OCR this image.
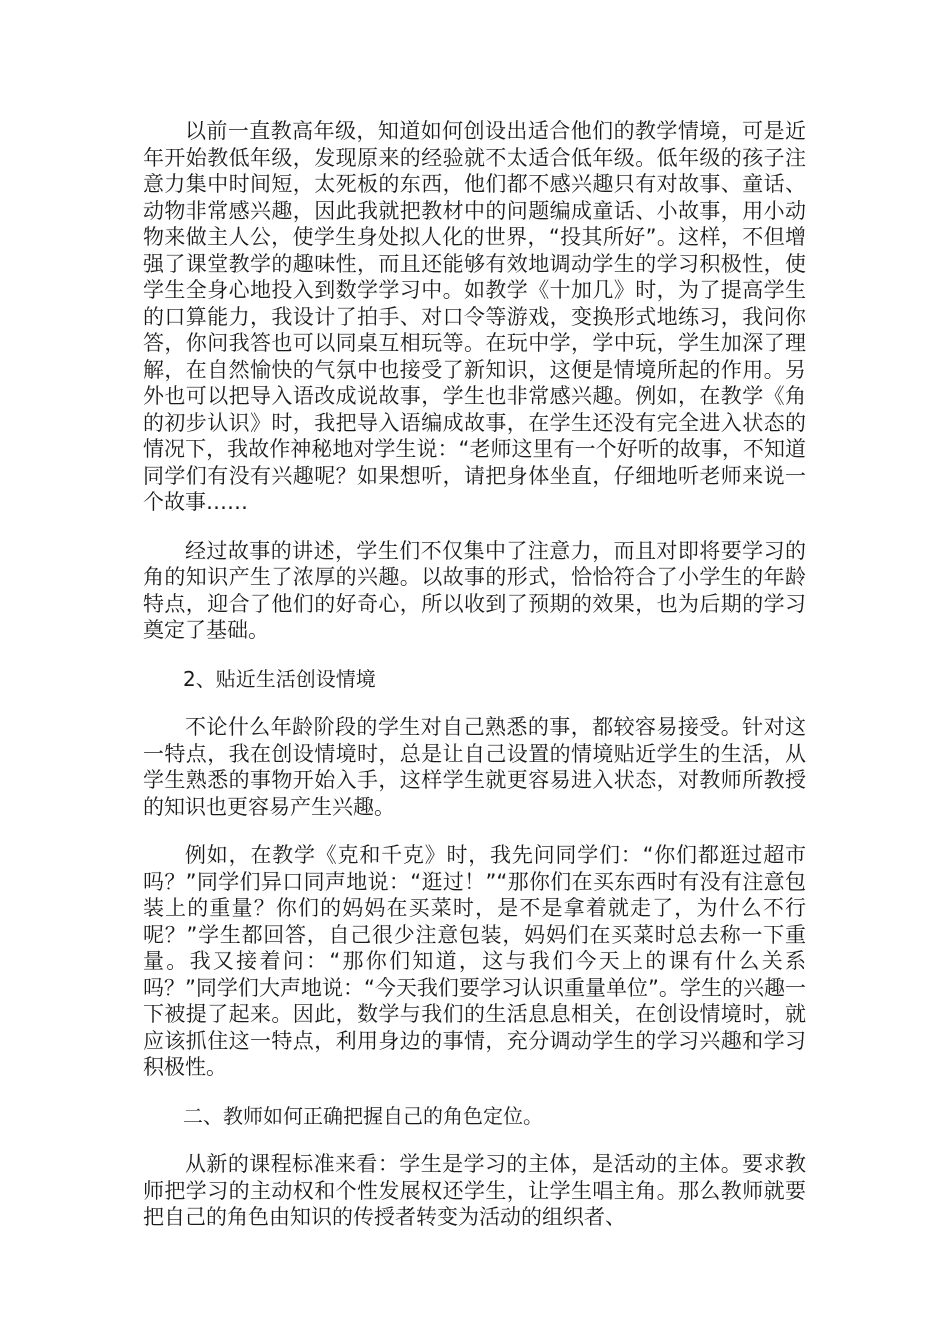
以前一直教高年级，知道如何创设出适合他们的教学情境，可是近年开始教低年级，发现原来的经验就不太适合低年级。低年级的孩子注意力集中时间短，太死板的东西，他们都不感兴趣只有对故事、童话、动物非常感兴趣，因此我就把教材中的问题编成童话、小故事，用小动物来做主人公，使学生身处拟人化的世界，“投其所好”。这样，不但增强了课堂教学的趣味性，而且还能够有效地调动学生的学习积极性，使学生全身心地投入到数学学习中。如教学《十加几》时，为了提高学生的口算能力，我设计了拍手、对口令等游戏，变换形式地练习，我问你答，你问我答也可以同桌互相玩等。在玩中学，学中玩，学生加深了理解，在自然愉快的气氛中也接受了新知识，这便是情境所起的作用。另外也可以把导入语改成说故事，学生也非常感兴趣。例如，在教学《角的初步认识》时，我把导入语编成故事，在学生还没有完全进入状态的情况下，我故作神秘地对学生说：“老师这里有一个好听的故事，不知道同学们有没有兴趣呢？如果想听，请把身体坐直，仔细地听老师来说一个故事……

经过故事的讲述，学生们不仅集中了注意力，而且对即将要学习的角的知识产生了浓厚的兴趣。以故事的形式，恰恰符合了小学生的年龄特点，迎合了他们的好奇心，所以收到了预期的效果，也为后期的学习奠定了基础。

2、贴近生活创设情境

不论什么年龄阶段的学生对自己熟悉的事，都较容易接受。针对这一特点，我在创设情境时，总是让自己设置的情境贴近学生的生活，从学生熟悉的事物开始入手，这样学生就更容易进入状态，对教师所教授的知识也更容易产生兴趣。

例如，在教学《克和千克》时，我先问同学们：“你们都逛过超市吗？”同学们异口同声地说：“逛过！”“那你们在买东西时有没有注意包装上的重量？你们的妈妈在买菜时，是不是拿着就走了，为什么不行呢？”学生都回答，自己很少注意包装，妈妈们在买菜时总去称一下重量。我又接着问：“那你们知道，这与我们今天上的课有什么关系吗？”同学们大声地说：“今天我们要学习认识重量单位”。学生的兴趣一下被提了起来。因此，数学与我们的生活息息相关，在创设情境时，就应该抓住这一特点，利用身边的事情，充分调动学生的学习兴趣和学习积极性。

二、教师如何正确把握自己的角色定位。

从新的课程标准来看：学生是学习的主体，是活动的主体。要求教师把学习的主动权和个性发展权还学生，让学生唱主角。那么教师就要把自己的角色由知识的传授者转变为活动的组织者、
